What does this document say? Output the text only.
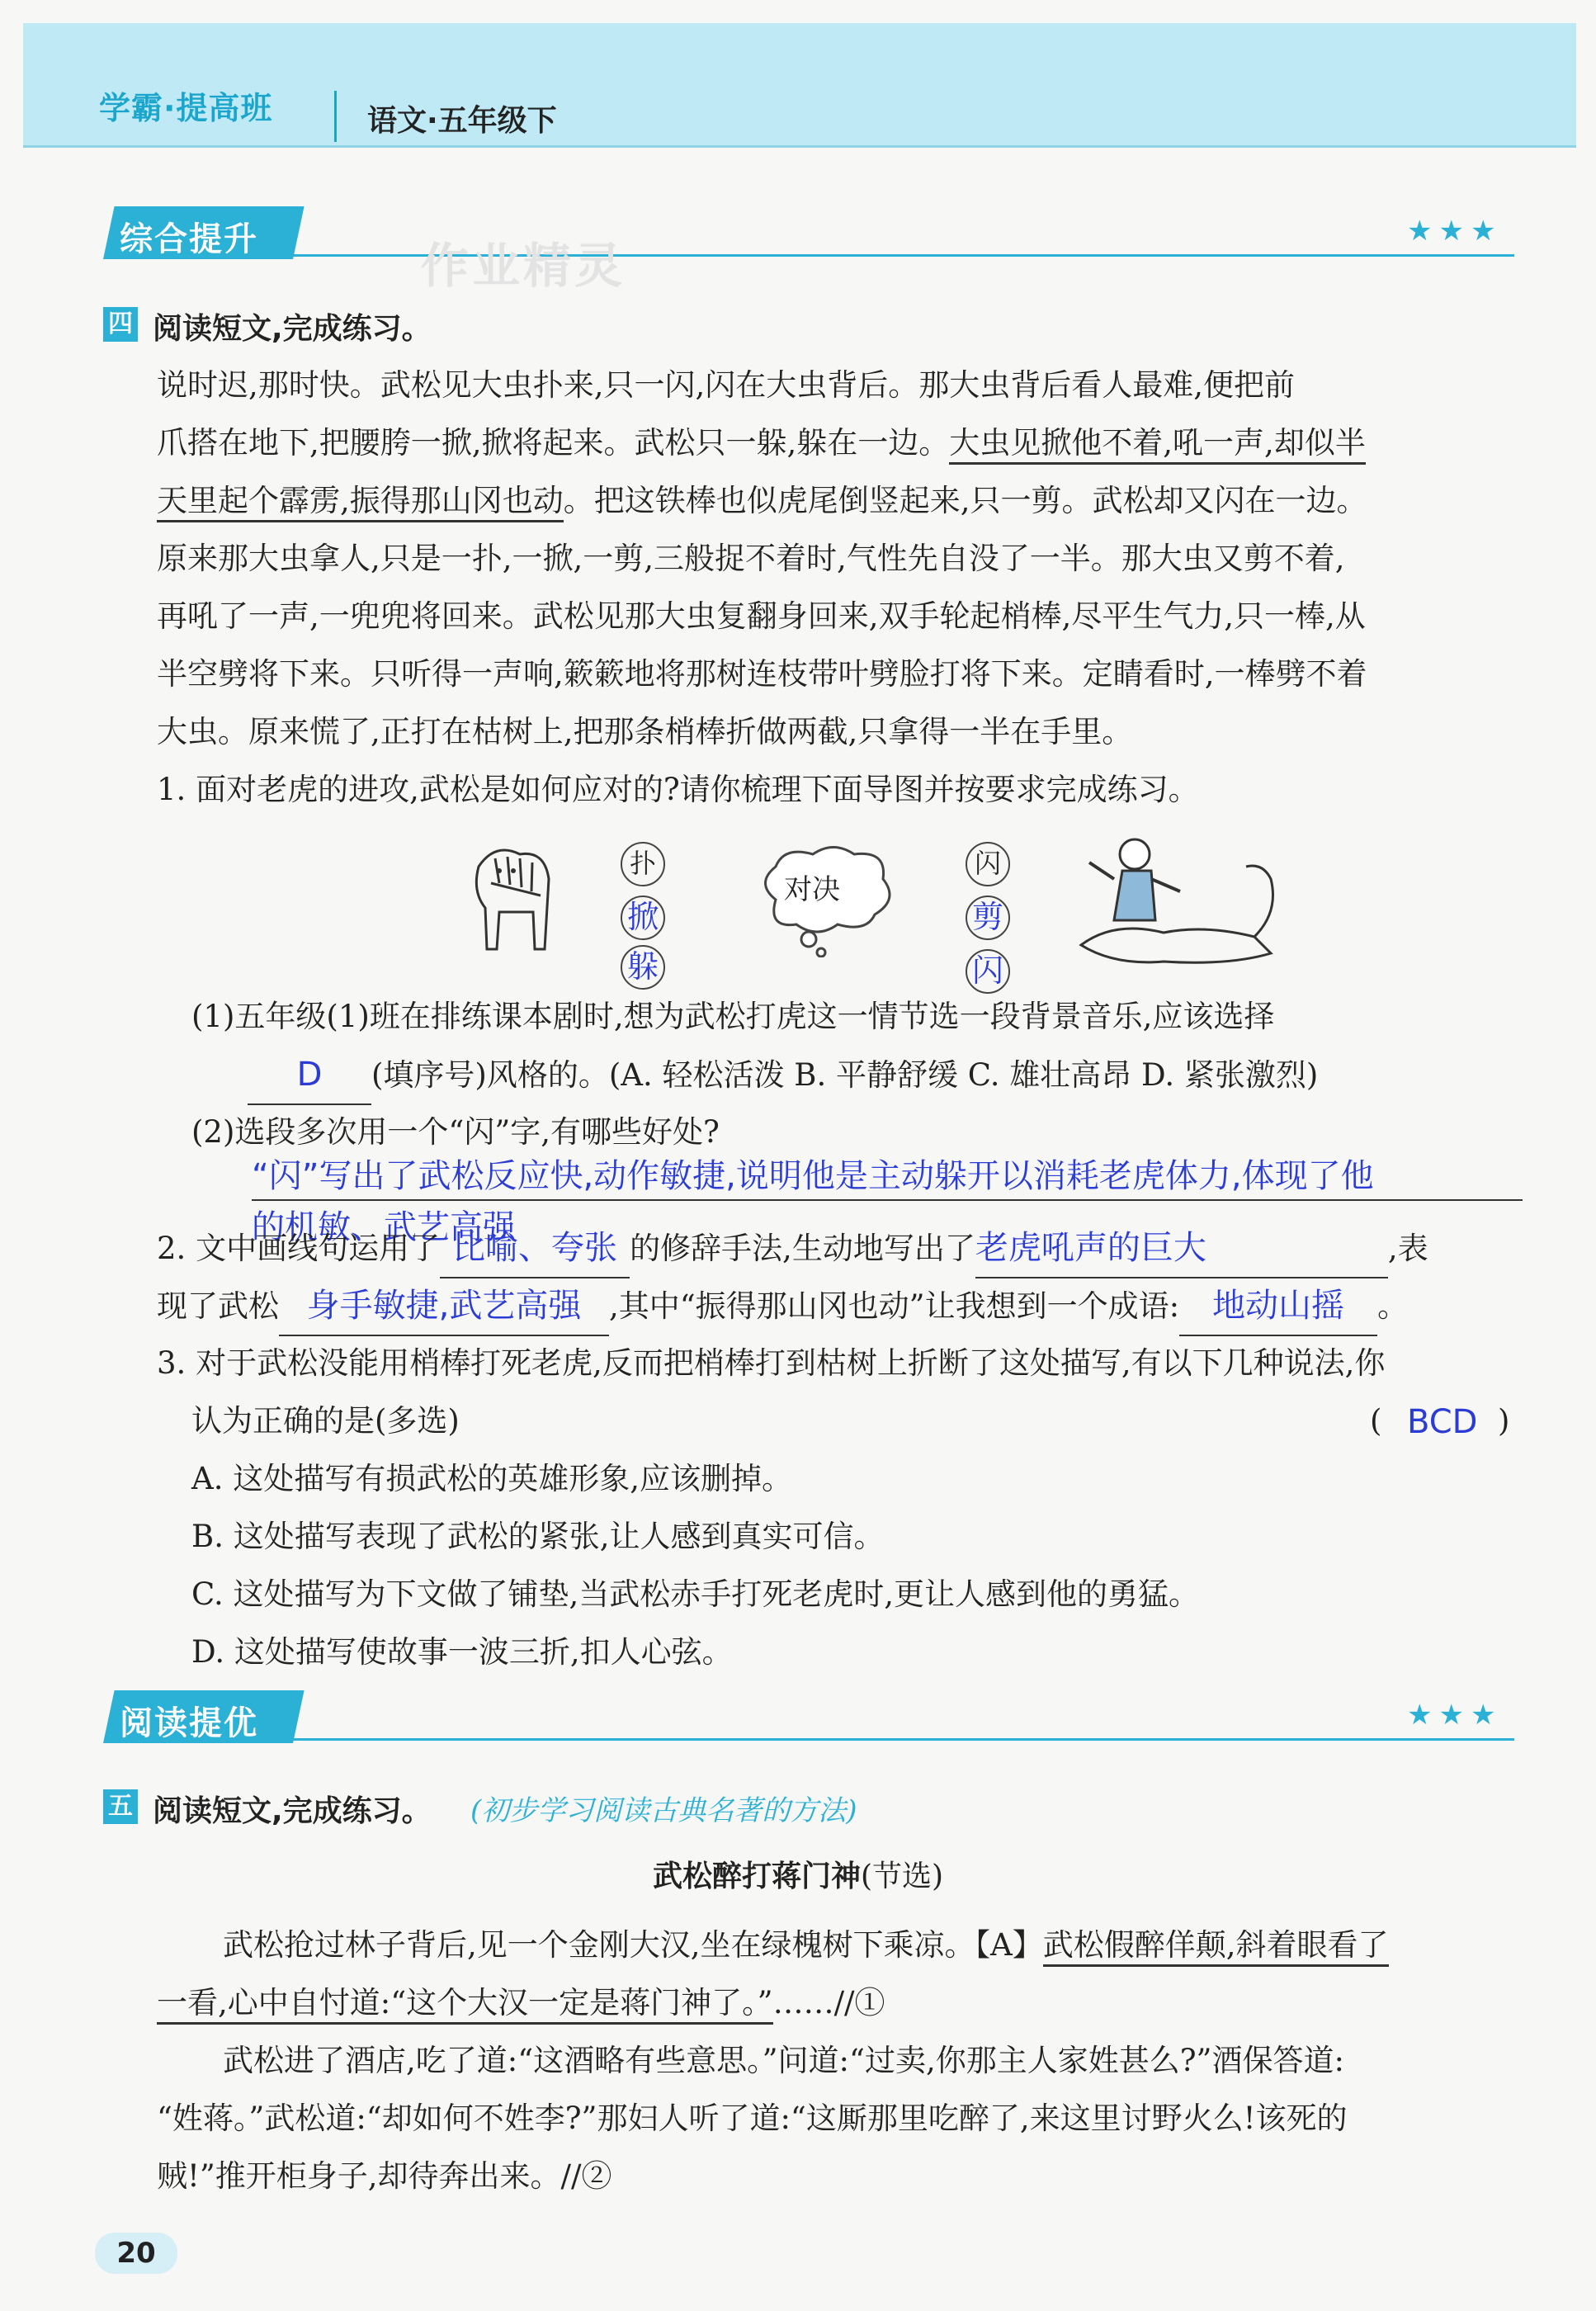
学霸·提高班	语文·五年级下
综合提升	★★★
作业精灵
四 阅读短文,完成练习。
说时迟,那时快。武松见大虫扑来,只一闪,闪在大虫背后。那大虫背后看人最难,便把前
爪搭在地下,把腰胯一掀,掀将起来。武松只一躲,躲在一边。大虫见掀他不着,吼一声,却似半
天里起个霹雳,振得那山冈也动。把这铁棒也似虎尾倒竖起来,只一剪。武松却又闪在一边。
原来那大虫拿人,只是一扑,一掀,一剪,三般捉不着时,气性先自没了一半。那大虫又剪不着,
再吼了一声,一兜兜将回来。武松见那大虫复翻身回来,双手轮起梢棒,尽平生气力,只一棒,从
半空劈将下来。只听得一声响,簌簌地将那树连枝带叶劈脸打将下来。定睛看时,一棒劈不着
大虫。原来慌了,正打在枯树上,把那条梢棒折做两截,只拿得一半在手里。
1. 面对老虎的进攻,武松是如何应对的?请你梳理下面导图并按要求完成练习。
扑
掀
躲
对决
闪
剪
闪
(1)五年级(1)班在排练课本剧时,想为武松打虎这一情节选一段背景音乐,应该选择
D (填序号)风格的。(A. 轻松活泼 B. 平静舒缓 C. 雄壮高昂 D. 紧张激烈)
(2)选段多次用一个“闪”字,有哪些好处?
“闪”写出了武松反应快,动作敏捷,说明他是主动躲开以消耗老虎体力,体现了他
的机敏、武艺高强
2. 文中画线句运用了 比喻、夸张 的修辞手法,生动地写出了老虎吼声的巨大	,表
现了武松 身手敏捷,武艺高强 ,其中“振得那山冈也动”让我想到一个成语: 地动山摇 。
3. 对于武松没能用梢棒打死老虎,反而把梢棒打到枯树上折断了这处描写,有以下几种说法,你
认为正确的是(多选)	( BCD )
A. 这处描写有损武松的英雄形象,应该删掉。
B. 这处描写表现了武松的紧张,让人感到真实可信。
C. 这处描写为下文做了铺垫,当武松赤手打死老虎时,更让人感到他的勇猛。
D. 这处描写使故事一波三折,扣人心弦。
阅读提优	★★★
五 阅读短文,完成练习。 (初步学习阅读古典名著的方法)
武松醉打蒋门神(节选)
武松抢过林子背后,见一个金刚大汉,坐在绿槐树下乘凉。【A】武松假醉佯颠,斜着眼看了
一看,心中自忖道:“这个大汉一定是蒋门神了。”……//①
武松进了酒店,吃了道:“这酒略有些意思。”问道:“过卖,你那主人家姓甚么?”酒保答道:
“姓蒋。”武松道:“却如何不姓李?”那妇人听了道:“这厮那里吃醉了,来这里讨野火么!该死的
贼!”推开柜身子,却待奔出来。//②
20
